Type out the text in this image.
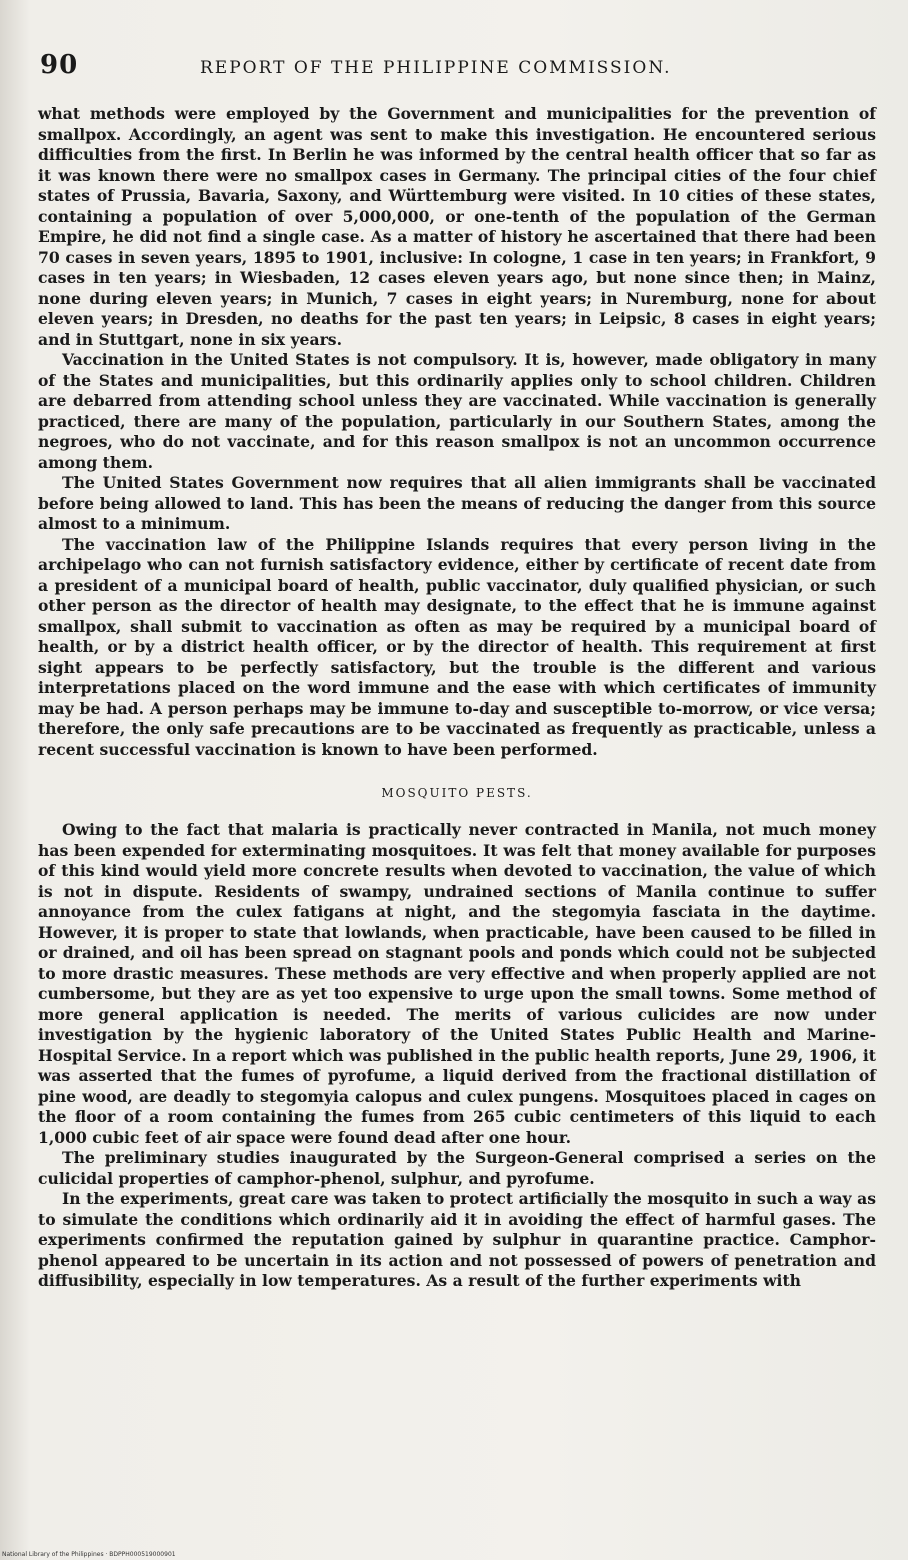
90	REPORT OF THE PHILIPPINE COMMISSION.

what methods were employed by the Government and municipalities for the prevention of smallpox. Accordingly, an agent was sent to make this investigation. He encountered serious difficulties from the first. In Berlin he was informed by the central health officer that so far as it was known there were no smallpox cases in Germany. The principal cities of the four chief states of Prussia, Bavaria, Saxony, and Württemburg were visited. In 10 cities of these states, containing a population of over 5,000,000, or one-tenth of the population of the German Empire, he did not find a single case. As a matter of history he ascertained that there had been 70 cases in seven years, 1895 to 1901, inclusive: In cologne, 1 case in ten years; in Frankfort, 9 cases in ten years; in Wiesbaden, 12 cases eleven years ago, but none since then; in Mainz, none during eleven years; in Munich, 7 cases in eight years; in Nuremburg, none for about eleven years; in Dresden, no deaths for the past ten years; in Leipsic, 8 cases in eight years; and in Stuttgart, none in six years.

Vaccination in the United States is not compulsory. It is, however, made obligatory in many of the States and municipalities, but this ordinarily applies only to school children. Children are debarred from attending school unless they are vaccinated. While vaccination is generally practiced, there are many of the population, particularly in our Southern States, among the negroes, who do not vaccinate, and for this reason smallpox is not an uncommon occurrence among them.

The United States Government now requires that all alien immigrants shall be vaccinated before being allowed to land. This has been the means of reducing the danger from this source almost to a minimum.

The vaccination law of the Philippine Islands requires that every person living in the archipelago who can not furnish satisfactory evidence, either by certificate of recent date from a president of a municipal board of health, public vaccinator, duly qualified physician, or such other person as the director of health may designate, to the effect that he is immune against smallpox, shall submit to vaccination as often as may be required by a municipal board of health, or by a district health officer, or by the director of health. This requirement at first sight appears to be perfectly satisfactory, but the trouble is the different and various interpretations placed on the word immune and the ease with which certificates of immunity may be had. A person perhaps may be immune to-day and susceptible to-morrow, or vice versa; therefore, the only safe precautions are to be vaccinated as frequently as practicable, unless a recent successful vaccination is known to have been performed.

MOSQUITO PESTS.

Owing to the fact that malaria is practically never contracted in Manila, not much money has been expended for exterminating mosquitoes. It was felt that money available for purposes of this kind would yield more concrete results when devoted to vaccination, the value of which is not in dispute. Residents of swampy, undrained sections of Manila continue to suffer annoyance from the culex fatigans at night, and the stegomyia fasciata in the daytime. However, it is proper to state that lowlands, when practicable, have been caused to be filled in or drained, and oil has been spread on stagnant pools and ponds which could not be subjected to more drastic measures. These methods are very effective and when properly applied are not cumbersome, but they are as yet too expensive to urge upon the small towns. Some method of more general application is needed. The merits of various culicides are now under investigation by the hygienic laboratory of the United States Public Health and Marine-Hospital Service. In a report which was published in the public health reports, June 29, 1906, it was asserted that the fumes of pyrofume, a liquid derived from the fractional distillation of pine wood, are deadly to stegomyia calopus and culex pungens. Mosquitoes placed in cages on the floor of a room containing the fumes from 265 cubic centimeters of this liquid to each 1,000 cubic feet of air space were found dead after one hour.

The preliminary studies inaugurated by the Surgeon-General comprised a series on the culicidal properties of camphor-phenol, sulphur, and pyrofume.

In the experiments, great care was taken to protect artificially the mosquito in such a way as to simulate the conditions which ordinarily aid it in avoiding the effect of harmful gases. The experiments confirmed the reputation gained by sulphur in quarantine practice. Camphor-phenol appeared to be uncertain in its action and not possessed of powers of penetration and diffusibility, especially in low temperatures. As a result of the further experiments with

National Library of the Philippines · BDPPH000519000901
